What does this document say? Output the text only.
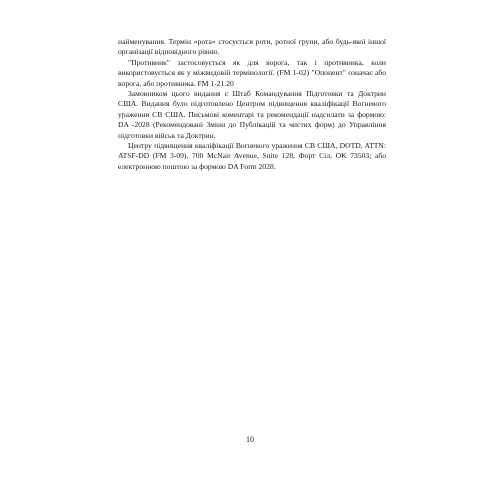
найменування. Термін «рота» стосується роти, ротної групи, або будь-якої іншої організації відповідного рівню.

"Противник" застосовується як для ворога, так і противника, коли використовується як у міжвидовій термінології. (FM 1-02) "Опонент" означає або ворога, або противника. FM 1-21.20

Замовником цього видання є Штаб Командування Підготовки та Доктрин США. Видання було підготовлено Центром підвищення кваліфікації Вогневого ураження СВ США. Письмові коментарі та рекомендації надсилати за формою: DA -2028 (Рекомендовані Зміни до Публікацій та чистих форм) до Управління підготовки військ та Доктрин,

Центру підвищення кваліфікації Вогневого ураження СВ США, DOTD, ATTN: ATSF-DD (FM 3-09), 700 McNair Avenue, Suite 128, Форт Сіл, OK 73503; або електронною поштою за формою DA Form 2028.

10
